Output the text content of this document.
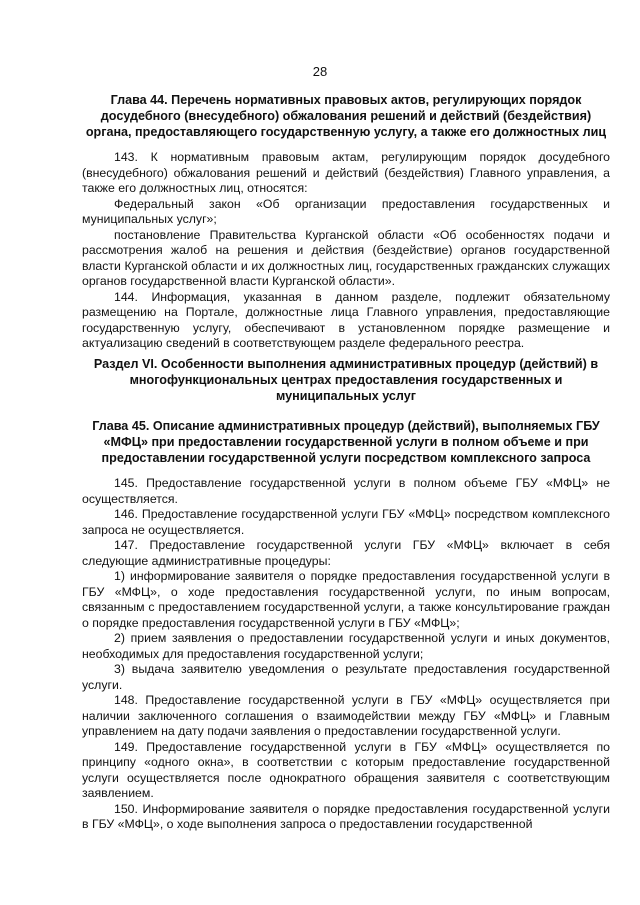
28

Глава 44. Перечень нормативных правовых актов, регулирующих порядок досудебного (внесудебного) обжалования решений и действий (бездействия) органа, предоставляющего государственную услугу, а также его должностных лиц

143. К нормативным правовым актам, регулирующим порядок досудебного (внесудебного) обжалования решений и действий (бездействия) Главного управления, а также его должностных лиц, относятся:

Федеральный закон «Об организации предоставления государственных и муниципальных услуг»;

постановление Правительства Курганской области «Об особенностях подачи и рассмотрения жалоб на решения и действия (бездействие) органов государственной власти Курганской области и их должностных лиц, государственных гражданских служащих органов государственной власти Курганской области».

144. Информация, указанная в данном разделе, подлежит обязательному размещению на Портале, должностные лица Главного управления, предоставляющие государственную услугу, обеспечивают в установленном порядке размещение и актуализацию сведений в соответствующем разделе федерального реестра.

Раздел VI. Особенности выполнения административных процедур (действий) в многофункциональных центрах предоставления государственных и муниципальных услуг

Глава 45. Описание административных процедур (действий), выполняемых ГБУ «МФЦ» при предоставлении государственной услуги в полном объеме и при предоставлении государственной услуги посредством комплексного запроса

145. Предоставление государственной услуги в полном объеме ГБУ «МФЦ» не осуществляется.

146. Предоставление государственной услуги ГБУ «МФЦ» посредством комплексного запроса не осуществляется.

147. Предоставление государственной услуги ГБУ «МФЦ» включает в себя следующие административные процедуры:

1) информирование заявителя о порядке предоставления государственной услуги в ГБУ «МФЦ», о ходе предоставления государственной услуги, по иным вопросам, связанным с предоставлением государственной услуги, а также консультирование граждан о порядке предоставления государственной услуги в ГБУ «МФЦ»;

2) прием заявления о предоставлении государственной услуги и иных документов, необходимых для предоставления государственной услуги;

3) выдача заявителю уведомления о результате предоставления государственной услуги.

148. Предоставление государственной услуги в ГБУ «МФЦ» осуществляется при наличии заключенного соглашения о взаимодействии между ГБУ «МФЦ» и Главным управлением на дату подачи заявления о предоставлении государственной услуги.

149. Предоставление государственной услуги в ГБУ «МФЦ» осуществляется по принципу «одного окна», в соответствии с которым предоставление государственной услуги осуществляется после однократного обращения заявителя с соответствующим заявлением.

150. Информирование заявителя о порядке предоставления государственной услуги в ГБУ «МФЦ», о ходе выполнения запроса о предоставлении государственной
